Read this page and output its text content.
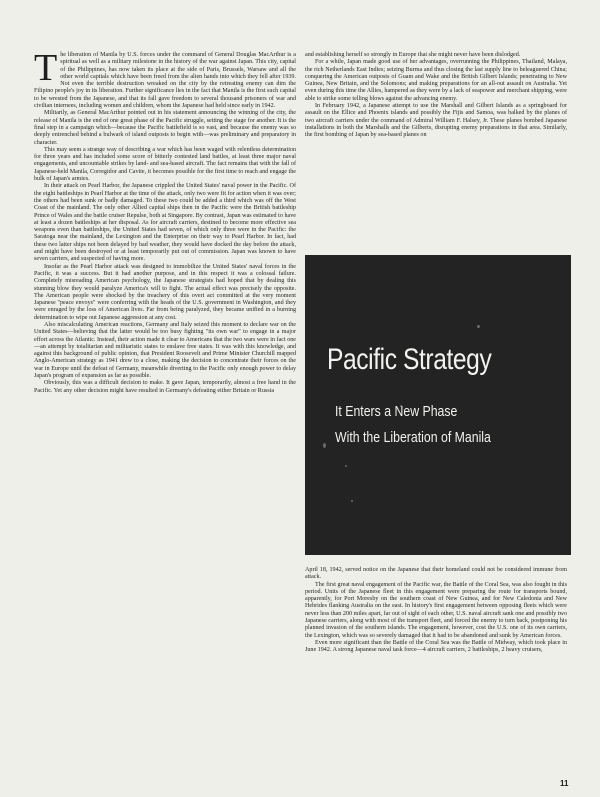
T he liberation of Manila by U.S. forces under the command of General Douglas MacArthur is a spiritual as well as a military milestone in the history of the war against Japan. This city, capital of the Philippines, has now taken its place at the side of Paris, Brussels, Warsaw and all the other world capitals which have been freed from the alien hands into which they fell after 1939. Not even the terrible destruction wreaked on the city by the retreating enemy can dim the Filipino people's joy in its liberation. Further significance lies in the fact that Manila is the first such capital to be wrested from the Japanese, and that its fall gave freedom to several thousand prisoners of war and civilian internees, including women and children, whom the Japanese had held since early in 1942.

Militarily, as General MacArthur pointed out in his statement announcing the winning of the city, the release of Manila is the end of one great phase of the Pacific struggle, setting the stage for another. It is the final step in a campaign which—because the Pacific battlefield is so vast, and because the enemy was so deeply entrenched behind a bulwark of island outposts to begin with—was preliminary and preparatory in character.

This may seem a strange way of describing a war which has been waged with relentless determination for three years and has included some score of bitterly contested land battles, at least three major naval engagements, and uncountable strikes by land- and sea-based aircraft. The fact remains that with the fall of Japanese-held Manila, Corregidor and Cavite, it becomes possible for the first time to reach and engage the bulk of Japan's armies.

In their attack on Pearl Harbor, the Japanese crippled the United States' naval power in the Pacific. Of the eight battleships in Pearl Harbor at the time of the attack, only two were fit for action when it was over; the others had been sunk or badly damaged. To these two could be added a third which was off the West Coast of the mainland. The only other Allied capital ships then in the Pacific were the British battleship Prince of Wales and the battle cruiser Repulse, both at Singapore. By contrast, Japan was estimated to have at least a dozen battleships at her disposal. As for aircraft carriers, destined to become more effective sea weapons even than battleships, the United States had seven, of which only three were in the Pacific: the Saratoga near the mainland, the Lexington and the Enterprise on their way to Pearl Harbor. In fact, had these two latter ships not been delayed by bad weather, they would have docked the day before the attack, and might have been destroyed or at least temporarily put out of commission. Japan was known to have seven carriers, and suspected of having more.

Insofar as the Pearl Harbor attack was designed to immobilize the United States' naval forces in the Pacific, it was a success. But it had another purpose, and in this respect it was a colossal failure. Completely misreading American psychology, the Japanese strategists had hoped that by dealing this stunning blow they would paralyze America's will to fight. The actual effect was precisely the opposite. The American people were shocked by the treachery of this overt act committed at the very moment Japanese "peace envoys" were conferring with the heads of the U.S. government in Washington, and they were enraged by the loss of American lives. Far from being paralyzed, they became unified in a burning determination to wipe out Japanese aggression at any cost.

Also miscalculating American reactions, Germany and Italy seized this moment to declare war on the United States—believing that the latter would be too busy fighting "its own war" to engage in a major effort across the Atlantic. Instead, their action made it clear to Americans that the two wars were in fact one—an attempt by totalitarian and militaristic states to enslave free states. It was with this knowledge, and against this background of public opinion, that President Roosevelt and Prime Minister Churchill mapped Anglo-American strategy as 1941 drew to a close, making the decision to concentrate their forces on the war in Europe until the defeat of Germany, meanwhile diverting to the Pacific only enough power to delay Japan's program of expansion as far as possible.

Obviously, this was a difficult decision to make. It gave Japan, temporarily, almost a free hand in the Pacific. Yet any other decision might have resulted in Germany's defeating either Britain or Russia

and establishing herself so strongly in Europe that she might never have been dislodged.

For a while, Japan made good use of her advantages, overrunning the Philippines, Thailand, Malaya, the rich Netherlands East Indies; seizing Burma and thus closing the last supply line to beleaguered China; conquering the American outposts of Guam and Wake and the British Gilbert Islands; penetrating to New Guinea, New Britain, and the Solomons; and making preparations for an all-out assault on Australia. Yet even during this time the Allies, hampered as they were by a lack of seapower and merchant shipping, were able to strike some telling blows against the advancing enemy.

In February 1942, a Japanese attempt to use the Marshall and Gilbert Islands as a springboard for assault on the Ellice and Phoenix islands and possibly the Fijis and Samoa, was balked by the planes of two aircraft carriers under the command of Admiral William F. Halsey, Jr. These planes bombed Japanese installations in both the Marshalls and the Gilberts, disrupting enemy preparations in that area. Similarly, the first bombing of Japan by sea-based planes on

Pacific Strategy
It Enters a New Phase
With the Liberation of Manila

April 18, 1942, served notice on the Japanese that their homeland could not be considered immune from attack.

The first great naval engagement of the Pacific war, the Battle of the Coral Sea, was also fought in this period. Units of the Japanese fleet in this engagement were preparing the route for transports bound, apparently, for Port Moresby on the southern coast of New Guinea, and for New Caledonia and New Hebrides flanking Australia on the east. In history's first engagement between opposing fleets which were never less than 200 miles apart, far out of sight of each other, U.S. naval aircraft sank one and possibly two Japanese carriers, along with most of the transport fleet, and forced the enemy to turn back, postponing his planned invasion of the southern islands. The engagement, however, cost the U.S. one of its own carriers, the Lexington, which was so severely damaged that it had to be abandoned and sunk by American forces.

Even more significant than the Battle of the Coral Sea was the Battle of Midway, which took place in June 1942. A strong Japanese naval task force—4 aircraft carriers, 2 battleships, 2 heavy cruisers,

11
